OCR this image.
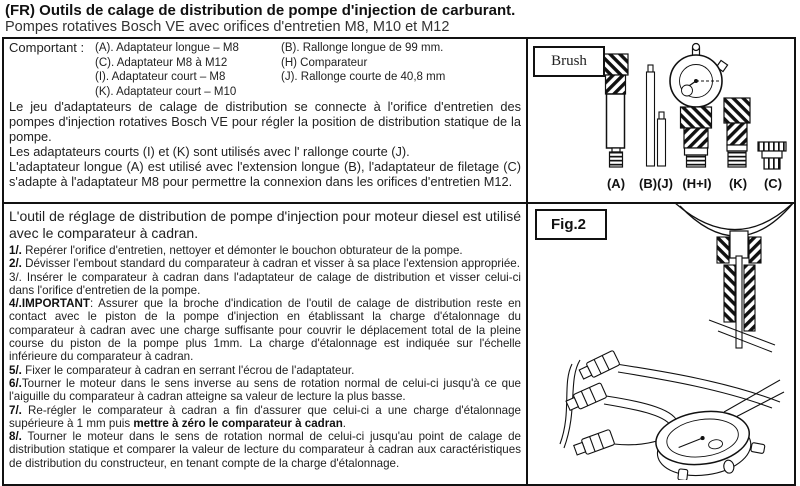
(FR) Outils de calage de distribution de pompe d'injection de carburant.
Pompes rotatives Bosch VE avec orifices d'entretien M8, M10 et M12
Comportant : (A). Adaptateur longue – M8	(B). Rallonge longue de 99 mm.
(C). Adaptateur M8 à M12	(H) Comparateur
(I). Adaptateur court – M8	(J). Rallonge courte de 40,8 mm
(K). Adaptateur court – M10

Le jeu d'adaptateurs de calage de distribution se connecte à l'orifice d'entretien des pompes d'injection rotatives Bosch VE pour régler la position de distribution statique de la pompe.

Les adaptateurs courts (I) et (K) sont utilisés avec l' rallonge courte (J).

L'adaptateur longue (A) est utilisé avec l'extension longue (B), l'adaptateur de filetage (C) s'adapte à l'adaptateur M8 pour permettre la connexion dans les orifices d'entretien M12.

Brush
(A) (B)(J) (H+I) (K) (C)

L'outil de réglage de distribution de pompe d'injection pour moteur diesel est utilisé avec le comparateur à cadran.

1/. Repérer l'orifice d'entretien, nettoyer et démonter le bouchon obturateur de la pompe.

2/. Dévisser l'embout standard du comparateur à cadran et visser à sa place l'extension appropriée.

3/. Insérer le comparateur à cadran dans l'adaptateur de calage de distribution et visser celui-ci dans l'orifice d'entretien de la pompe.

4/.IMPORTANT: Assurer que la broche d'indication de l'outil de calage de distribution reste en contact avec le piston de la pompe d'injection en établissant la charge d'étalonnage du comparateur à cadran avec une charge suffisante pour couvrir le déplacement total de la pleine course du piston de la pompe plus 1mm. La charge d'étalonnage est indiquée sur l'échelle inférieure du comparateur à cadran.

5/. Fixer le comparateur à cadran en serrant l'écrou de l'adaptateur.

6/.Tourner le moteur dans le sens inverse au sens de rotation normal de celui-ci jusqu'à ce que l'aiguille du comparateur à cadran atteigne sa valeur de lecture la plus basse.

7/. Re-régler le comparateur à cadran a fin d'assurer que celui-ci a une charge d'étalonnage supérieure à 1 mm puis mettre à zéro le comparateur à cadran.

8/. Tourner le moteur dans le sens de rotation normal de celui-ci jusqu'au point de calage de distribution statique et comparer la valeur de lecture du comparateur à cadran aux caractéristiques de distribution du constructeur, en tenant compte de la charge d'étalonnage.

Fig.2
